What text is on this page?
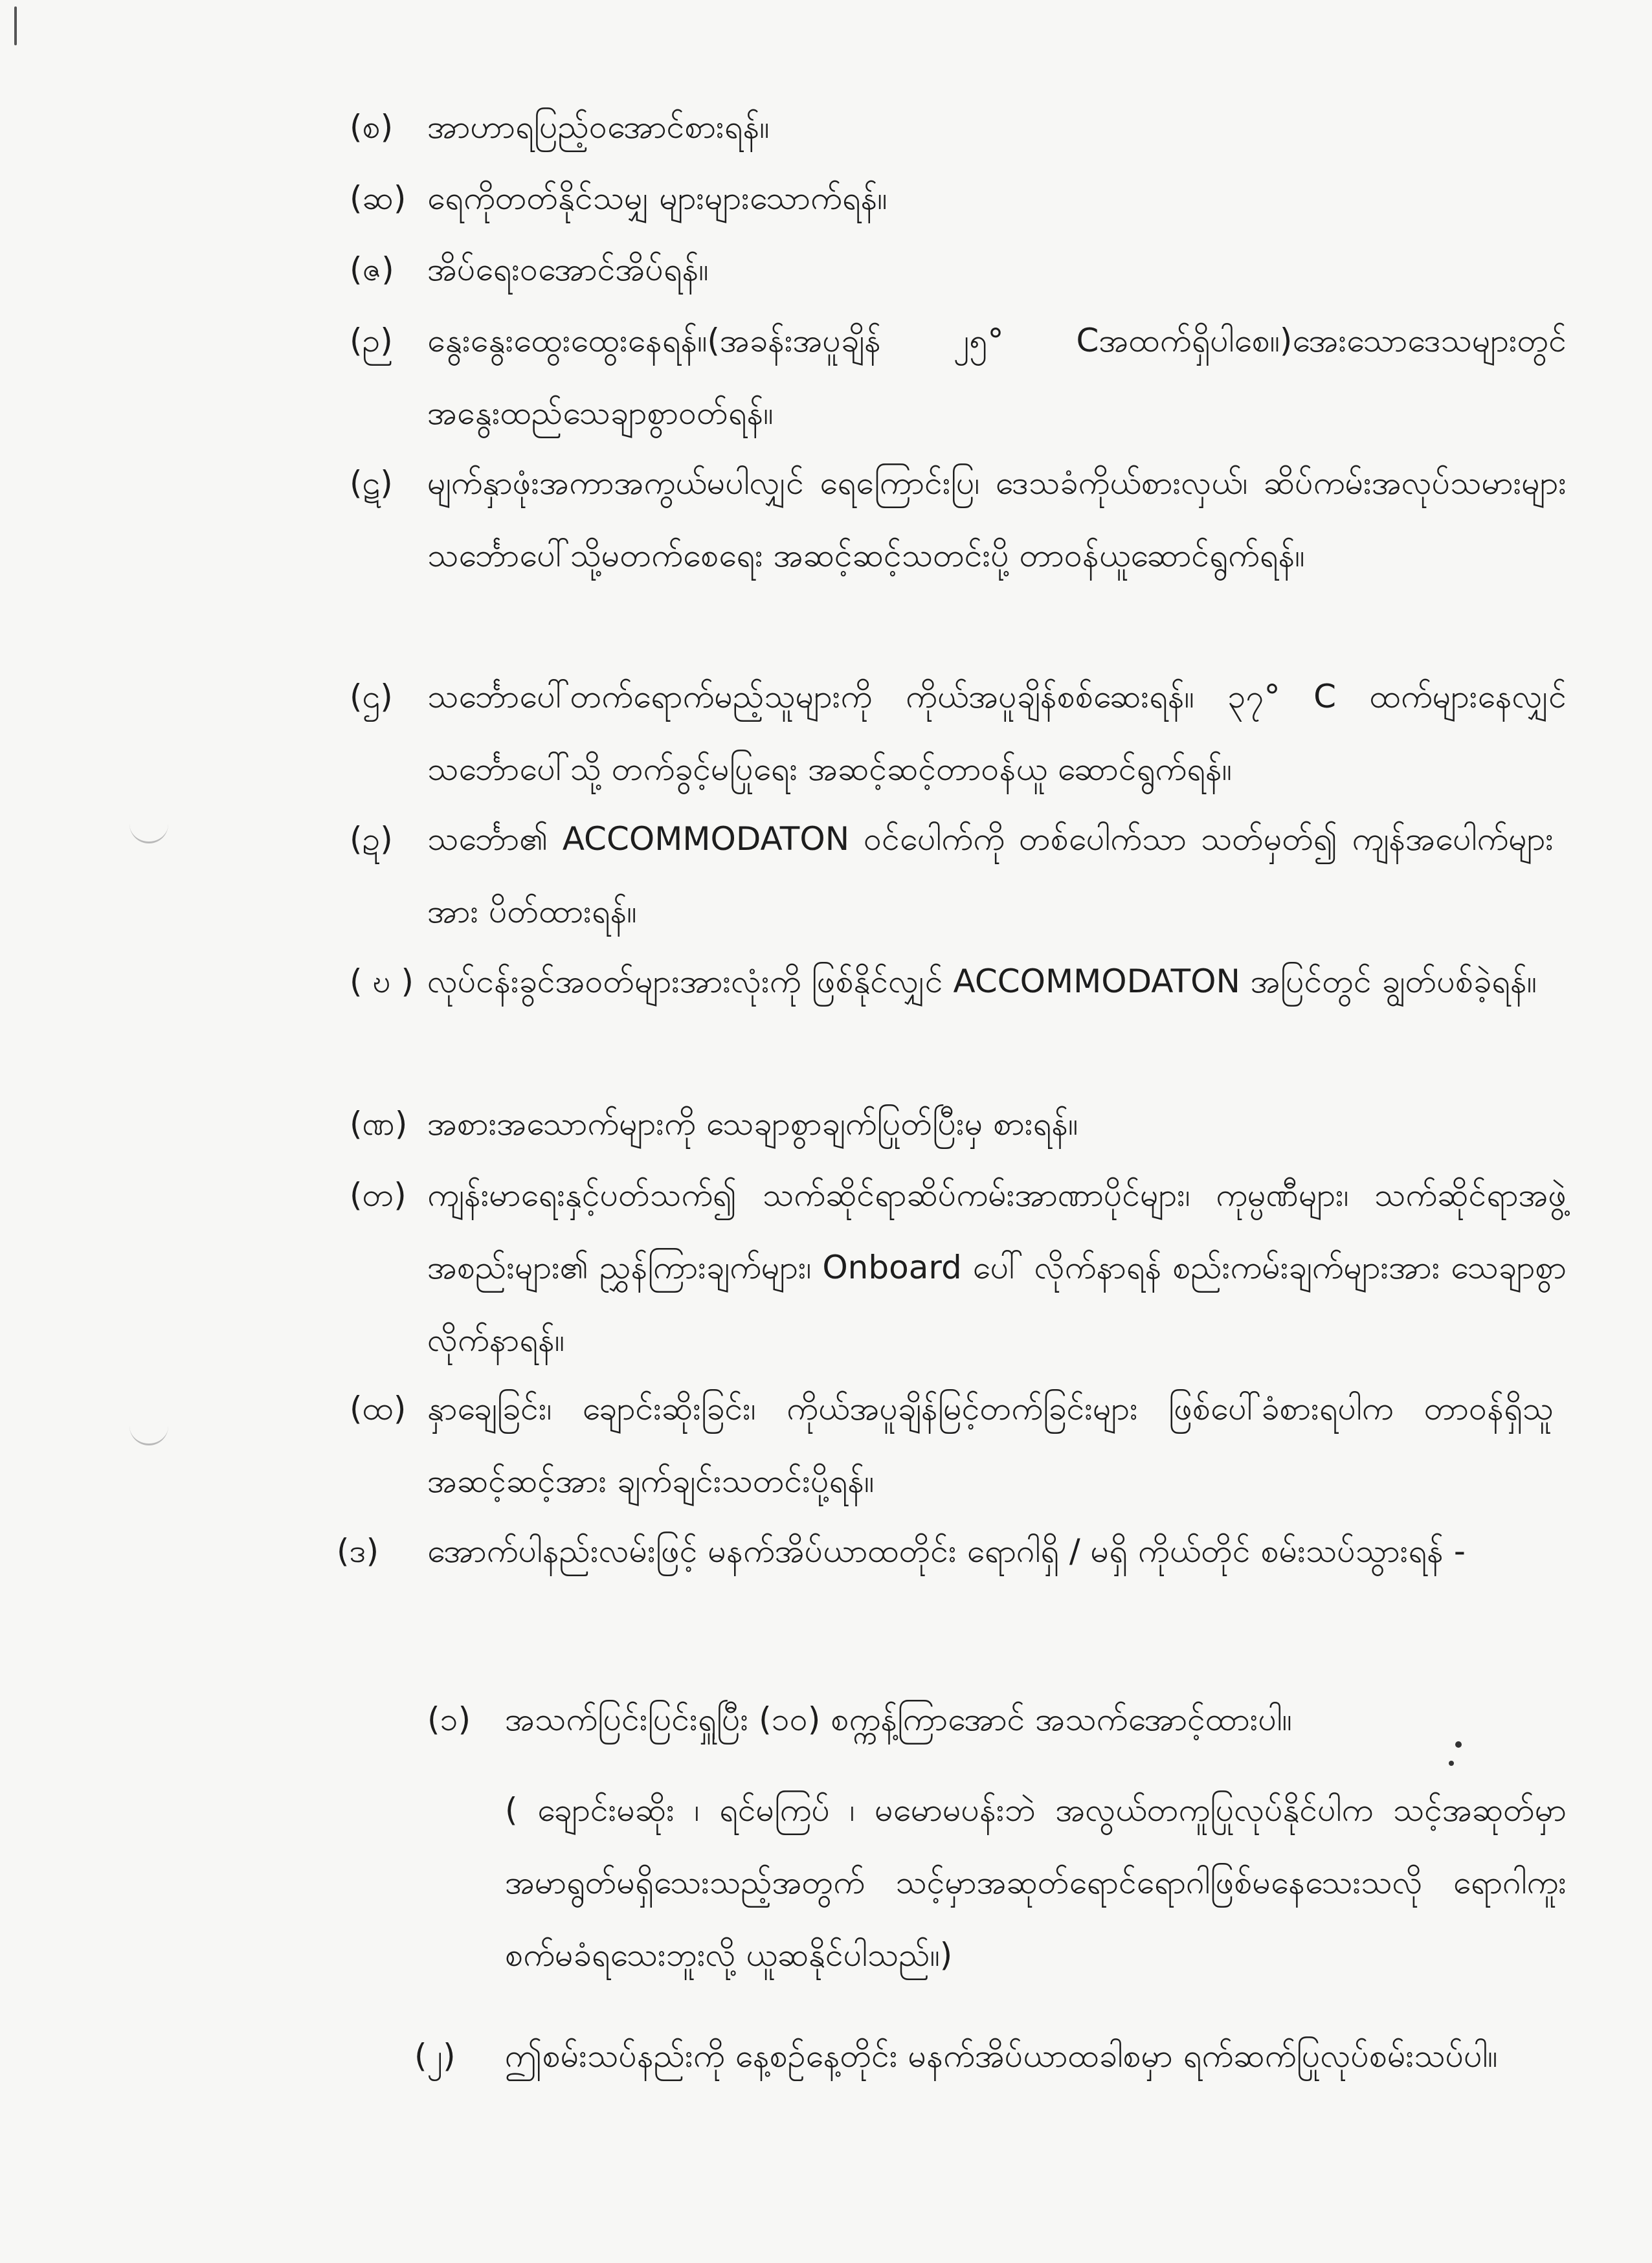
(စ) အာဟာရပြည့်ဝအောင်စားရန်။
(ဆ) ရေကိုတတ်နိုင်သမျှ များများသောက်ရန်။
(ဇ) အိပ်ရေးဝအောင်အိပ်ရန်။
(ဉ) နွေးနွေးထွေးထွေးနေရန်။(အခန်းအပူချိန် ၂၅° Cအထက်ရှိပါစေ။)အေးသောဒေသများတွင် အနွေးထည်သေချာစွာဝတ်ရန်။
(ဋ) မျက်နှာဖုံးအကာအကွယ်မပါလျှင် ရေကြောင်းပြ၊ ဒေသခံကိုယ်စားလှယ်၊ ဆိပ်ကမ်းအလုပ်သမားများ သင်္ဘောပေါ်သို့မတက်စေရေး အဆင့်ဆင့်သတင်းပို့ တာဝန်ယူဆောင်ရွက်ရန်။
(ဌ) သင်္ဘောပေါ်တက်ရောက်မည့်သူများကို ကိုယ်အပူချိန်စစ်ဆေးရန်။ ၃၇° C ထက်များနေလျှင် သင်္ဘောပေါ်သို့ တက်ခွင့်မပြုရေး အဆင့်ဆင့်တာဝန်ယူ ဆောင်ရွက်ရန်။
(ဍ) သင်္ဘော၏ ACCOMMODATON ဝင်ပေါက်ကို တစ်ပေါက်သာ သတ်မှတ်၍ ကျန်အပေါက်များအား ပိတ်ထားရန်။
( ဎ ) လုပ်ငန်းခွင်အဝတ်များအားလုံးကို ဖြစ်နိုင်လျှင် ACCOMMODATON အပြင်တွင် ချွတ်ပစ်ခဲ့ရန်။
(ဏ) အစားအသောက်များကို သေချာစွာချက်ပြုတ်ပြီးမှ စားရန်။
(တ) ကျန်းမာရေးနှင့်ပတ်သက်၍ သက်ဆိုင်ရာဆိပ်ကမ်းအာဏာပိုင်များ၊ ကုမ္ပဏီများ၊ သက်ဆိုင်ရာအဖွဲ့အစည်းများ၏ ညွှန်ကြားချက်များ၊ Onboard ပေါ် လိုက်နာရန် စည်းကမ်းချက်များအား သေချာစွာလိုက်နာရန်။
(ထ) နှာချေခြင်း၊ ချောင်းဆိုးခြင်း၊ ကိုယ်အပူချိန်မြင့်တက်ခြင်းများ ဖြစ်ပေါ်ခံစားရပါက တာဝန်ရှိသူအဆင့်ဆင့်အား ချက်ချင်းသတင်းပို့ရန်။
(ဒ) အောက်ပါနည်းလမ်းဖြင့် မနက်အိပ်ယာထတိုင်း ရောဂါရှိ / မရှိ ကိုယ်တိုင် စမ်းသပ်သွားရန် -
(၁) အသက်ပြင်းပြင်းရှူပြီး (၁၀) စက္ကန့်ကြာအောင် အသက်အောင့်ထားပါ။
( ချောင်းမဆိုး ၊ ရင်မကြပ် ၊ မမောမပန်းဘဲ အလွယ်တကူပြုလုပ်နိုင်ပါက သင့်အဆုတ်မှာ အမာရွတ်မရှိသေးသည့်အတွက် သင့်မှာအဆုတ်ရောင်ရောဂါဖြစ်မနေသေးသလို ရောဂါကူးစက်မခံရသေးဘူးလို့ ယူဆနိုင်ပါသည်။)
(၂) ဤစမ်းသပ်နည်းကို နေ့စဉ်နေ့တိုင်း မနက်အိပ်ယာထခါစမှာ ရက်ဆက်ပြုလုပ်စမ်းသပ်ပါ။
